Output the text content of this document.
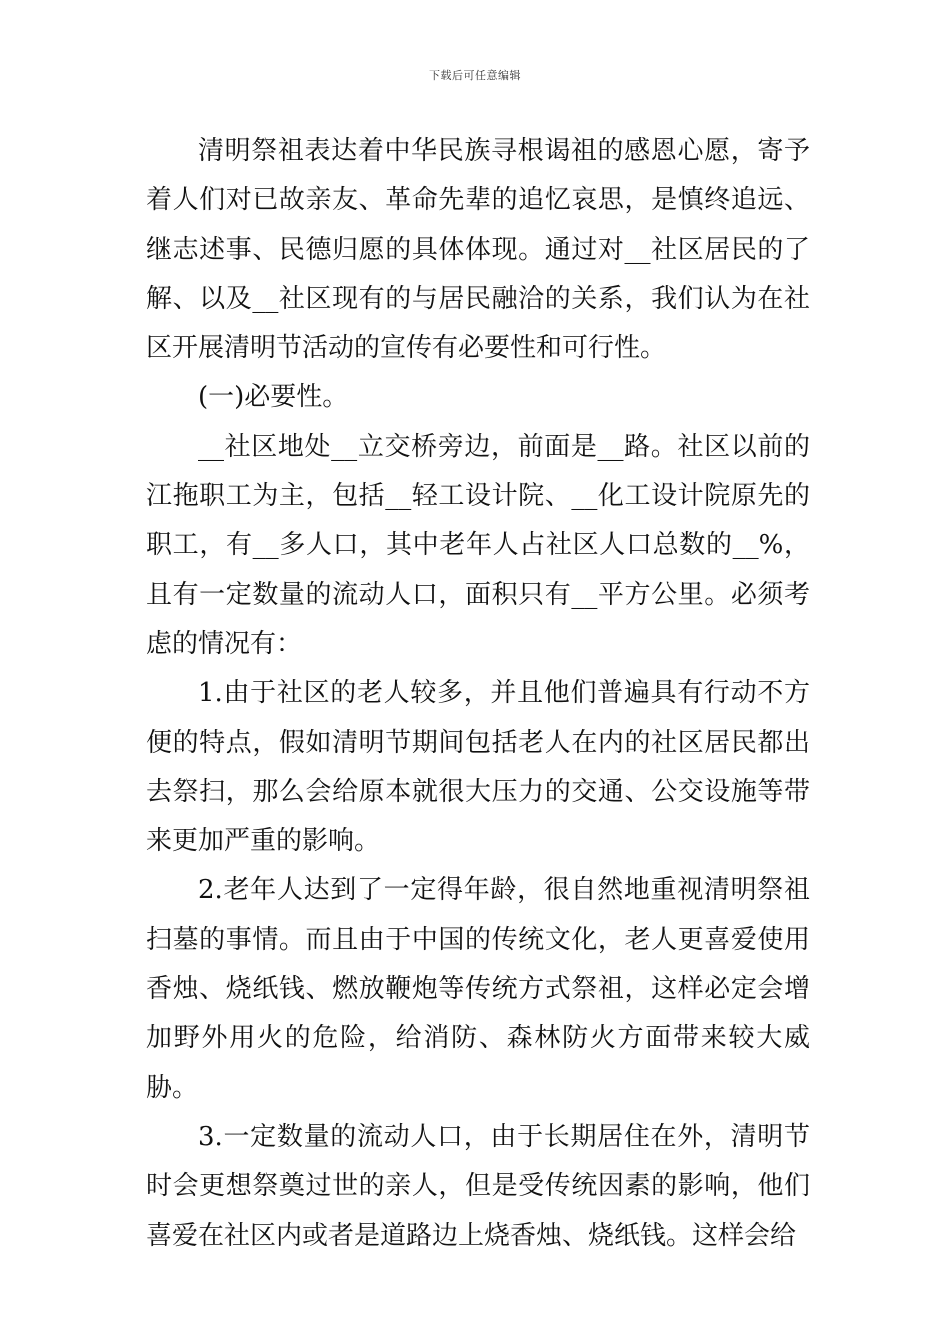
下载后可任意编辑

清明祭祖表达着中华民族寻根谒祖的感恩心愿，寄予着人们对已故亲友、革命先辈的追忆哀思，是慎终追远、继志述事、民德归愿的具体体现。通过对__社区居民的了解、以及__社区现有的与居民融洽的关系，我们认为在社区开展清明节活动的宣传有必要性和可行性。

(一)必要性。

__社区地处__立交桥旁边，前面是__路。社区以前的江拖职工为主，包括__轻工设计院、__化工设计院原先的职工，有__多人口，其中老年人占社区人口总数的__%，且有一定数量的流动人口，面积只有__平方公里。必须考虑的情况有：

1.由于社区的老人较多，并且他们普遍具有行动不方便的特点，假如清明节期间包括老人在内的社区居民都出去祭扫，那么会给原本就很大压力的交通、公交设施等带来更加严重的影响。

2.老年人达到了一定得年龄，很自然地重视清明祭祖扫墓的事情。而且由于中国的传统文化，老人更喜爱使用香烛、烧纸钱、燃放鞭炮等传统方式祭祖，这样必定会增加野外用火的危险，给消防、森林防火方面带来较大威胁。

3.一定数量的流动人口，由于长期居住在外，清明节时会更想祭奠过世的亲人，但是受传统因素的影响，他们喜爱在社区内或者是道路边上烧香烛、烧纸钱。这样会给
